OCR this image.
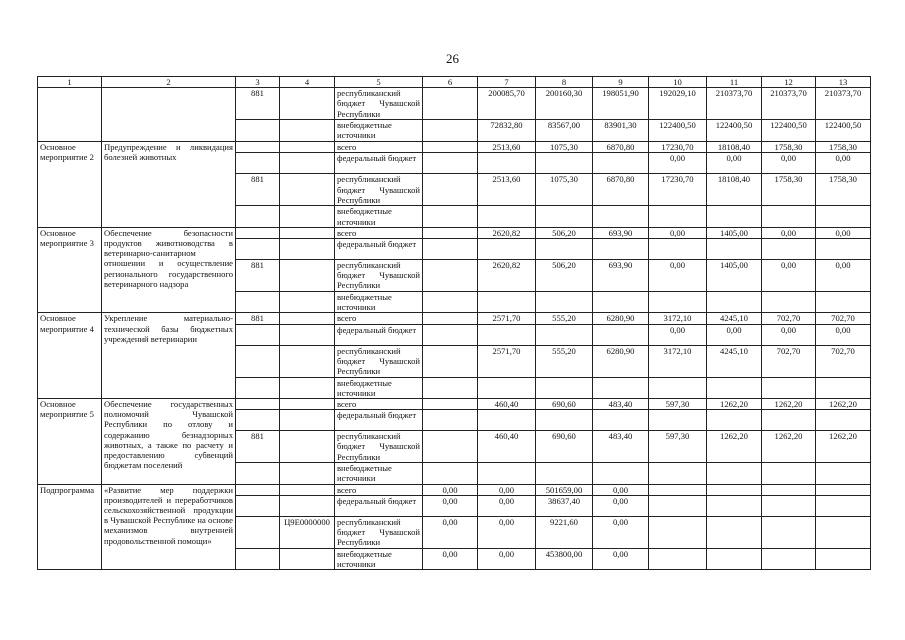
26
1	2	3	4	5	6	7	8	9	10	11	12	13
		881		республиканский бюджет Чувашской Республики		200085,70	200160,30	198051,90	192029,10	210373,70	210373,70	210373,70
				внебюджетные источники		72832,80	83567,00	83901,30	122400,50	122400,50	122400,50	122400,50
Основное мероприятие 2	Предупреждение и ликвидация болезней животных			всего		2513,60	1075,30	6870,80	17230,70	18108,40	1758,30	1758,30
				федеральный бюджет					0,00	0,00	0,00	0,00
		881		республиканский бюджет Чувашской Республики		2513,60	1075,30	6870,80	17230,70	18108,40	1758,30	1758,30
				внебюджетные источники								
Основное мероприятие 3	Обеспечение безопасности продуктов животноводства в ветеринарно-санитарном отношении и осуществление регионального государственного ветеринарного надзора			всего		2620,82	506,20	693,90	0,00	1405,00	0,00	0,00
				федеральный бюджет								
		881		республиканский бюджет Чувашской Республики		2620,82	506,20	693,90	0,00	1405,00	0,00	0,00
				внебюджетные источники								
Основное мероприятие 4	Укрепление материально-технической базы бюджетных учреждений ветеринарии	881		всего		2571,70	555,20	6280,90	3172,10	4245,10	702,70	702,70
				федеральный бюджет					0,00	0,00	0,00	0,00
				республиканский бюджет Чувашской Республики		2571,70	555,20	6280,90	3172,10	4245,10	702,70	702,70
				внебюджетные источники								
Основное мероприятие 5	Обеспечение государственных полномочий Чувашской Республики по отлову и содержанию безнадзорных животных, а также по расчету и предоставлению субвенций бюджетам поселений			всего		460,40	690,60	483,40	597,30	1262,20	1262,20	1262,20
				федеральный бюджет								
		881		республиканский бюджет Чувашской Республики		460,40	690,60	483,40	597,30	1262,20	1262,20	1262,20
				внебюджетные источники								
Подпрограмма	«Развитие мер поддержки производителей и переработчиков сельскохозяйственной продукции в Чувашской Республике на основе механизмов внутренней продовольственной помощи»			всего	0,00	0,00	501659,00	0,00				
				федеральный бюджет	0,00	0,00	38637,40	0,00				
			Ц9Е0000000	республиканский бюджет Чувашской Республики	0,00	0,00	9221,60	0,00				
				внебюджетные источники	0,00	0,00	453800,00	0,00				
